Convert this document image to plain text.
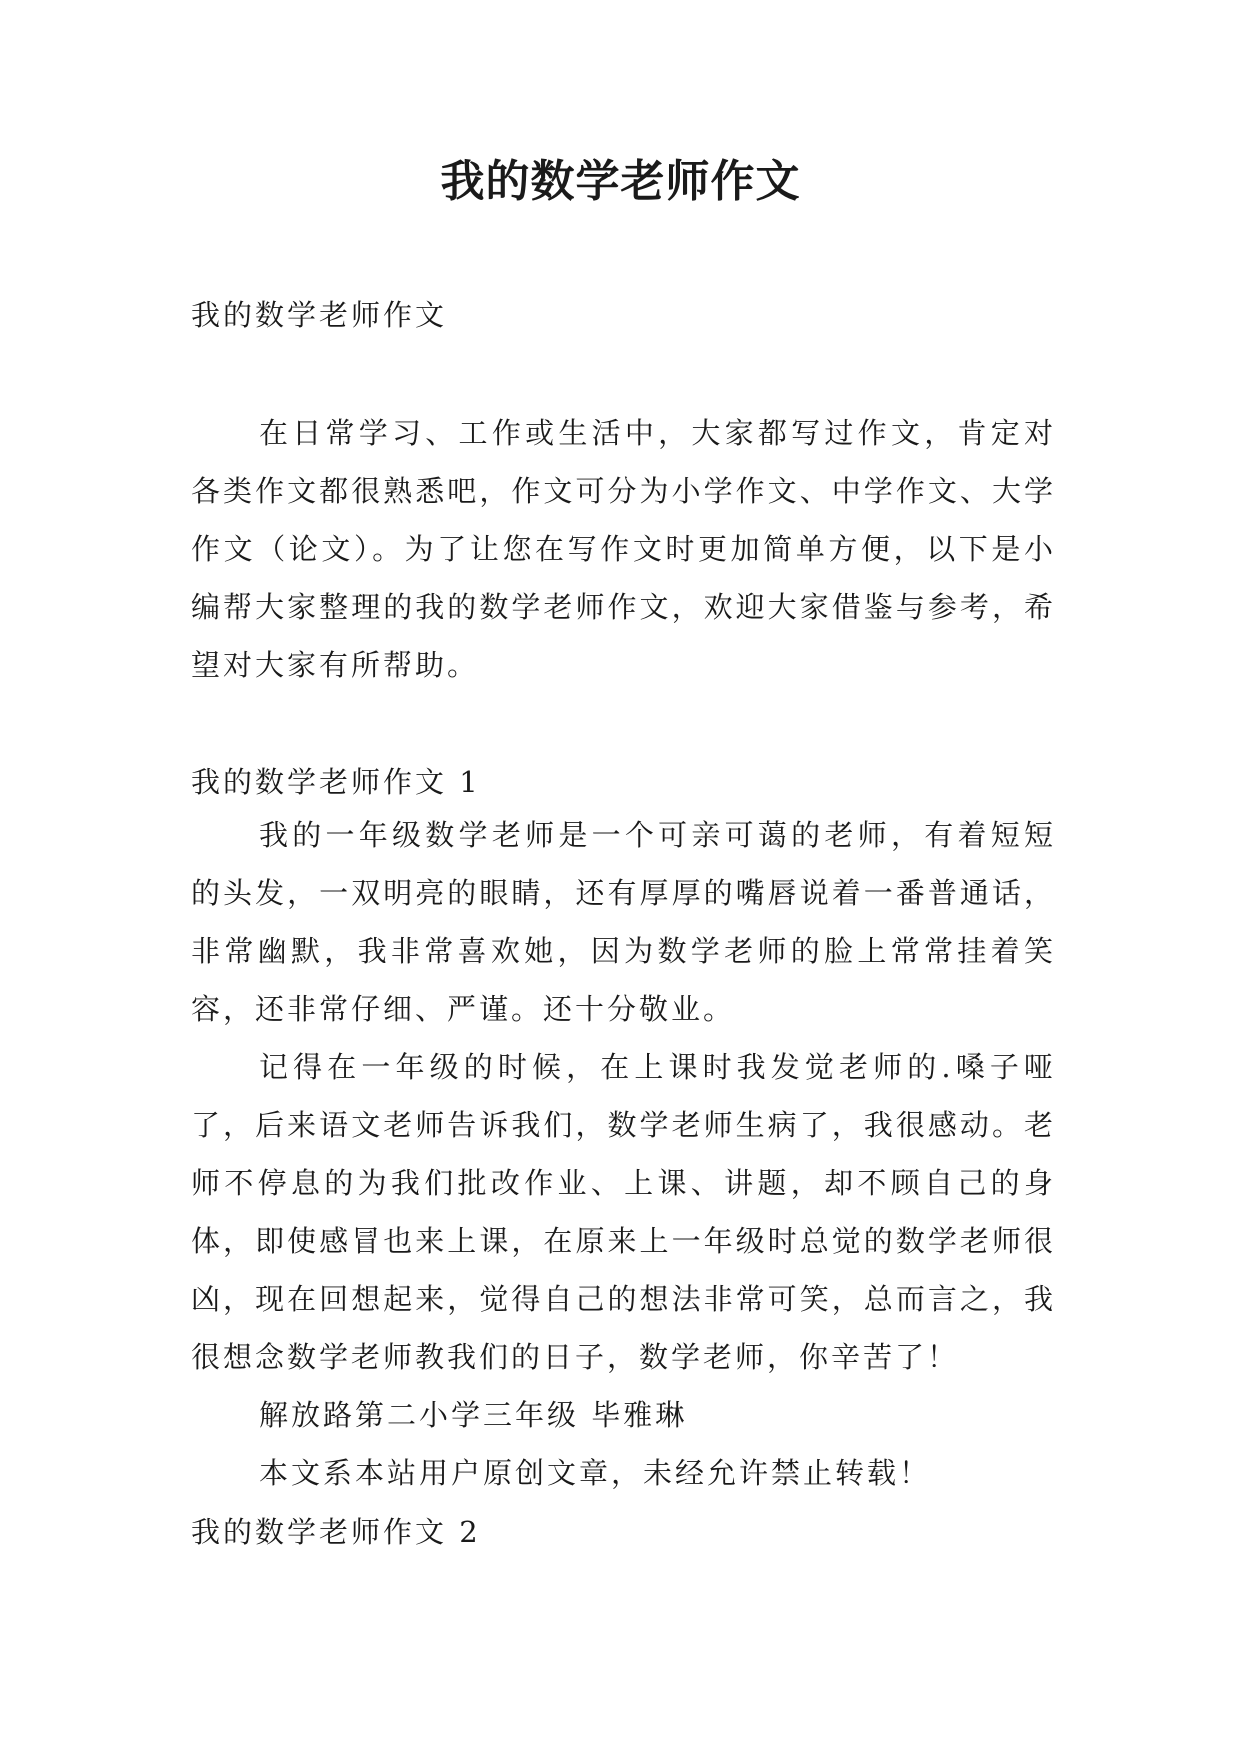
我的数学老师作文
我的数学老师作文

在日常学习、工作或生活中，大家都写过作文，肯定对各类作文都很熟悉吧，作文可分为小学作文、中学作文、大学作文（论文）。为了让您在写作文时更加简单方便，以下是小编帮大家整理的我的数学老师作文，欢迎大家借鉴与参考，希望对大家有所帮助。

我的数学老师作文 1

我的一年级数学老师是一个可亲可蔼的老师，有着短短的头发，一双明亮的眼睛，还有厚厚的嘴唇说着一番普通话，非常幽默，我非常喜欢她，因为数学老师的脸上常常挂着笑容，还非常仔细、严谨。还十分敬业。

记得在一年级的时候，在上课时我发觉老师的.嗓子哑了，后来语文老师告诉我们，数学老师生病了，我很感动。老师不停息的为我们批改作业、上课、讲题，却不顾自己的身体，即使感冒也来上课，在原来上一年级时总觉的数学老师很凶，现在回想起来，觉得自己的想法非常可笑，总而言之，我很想念数学老师教我们的日子，数学老师，你辛苦了！

解放路第二小学三年级 毕雅琳

本文系本站用户原创文章，未经允许禁止转载！

我的数学老师作文 2
